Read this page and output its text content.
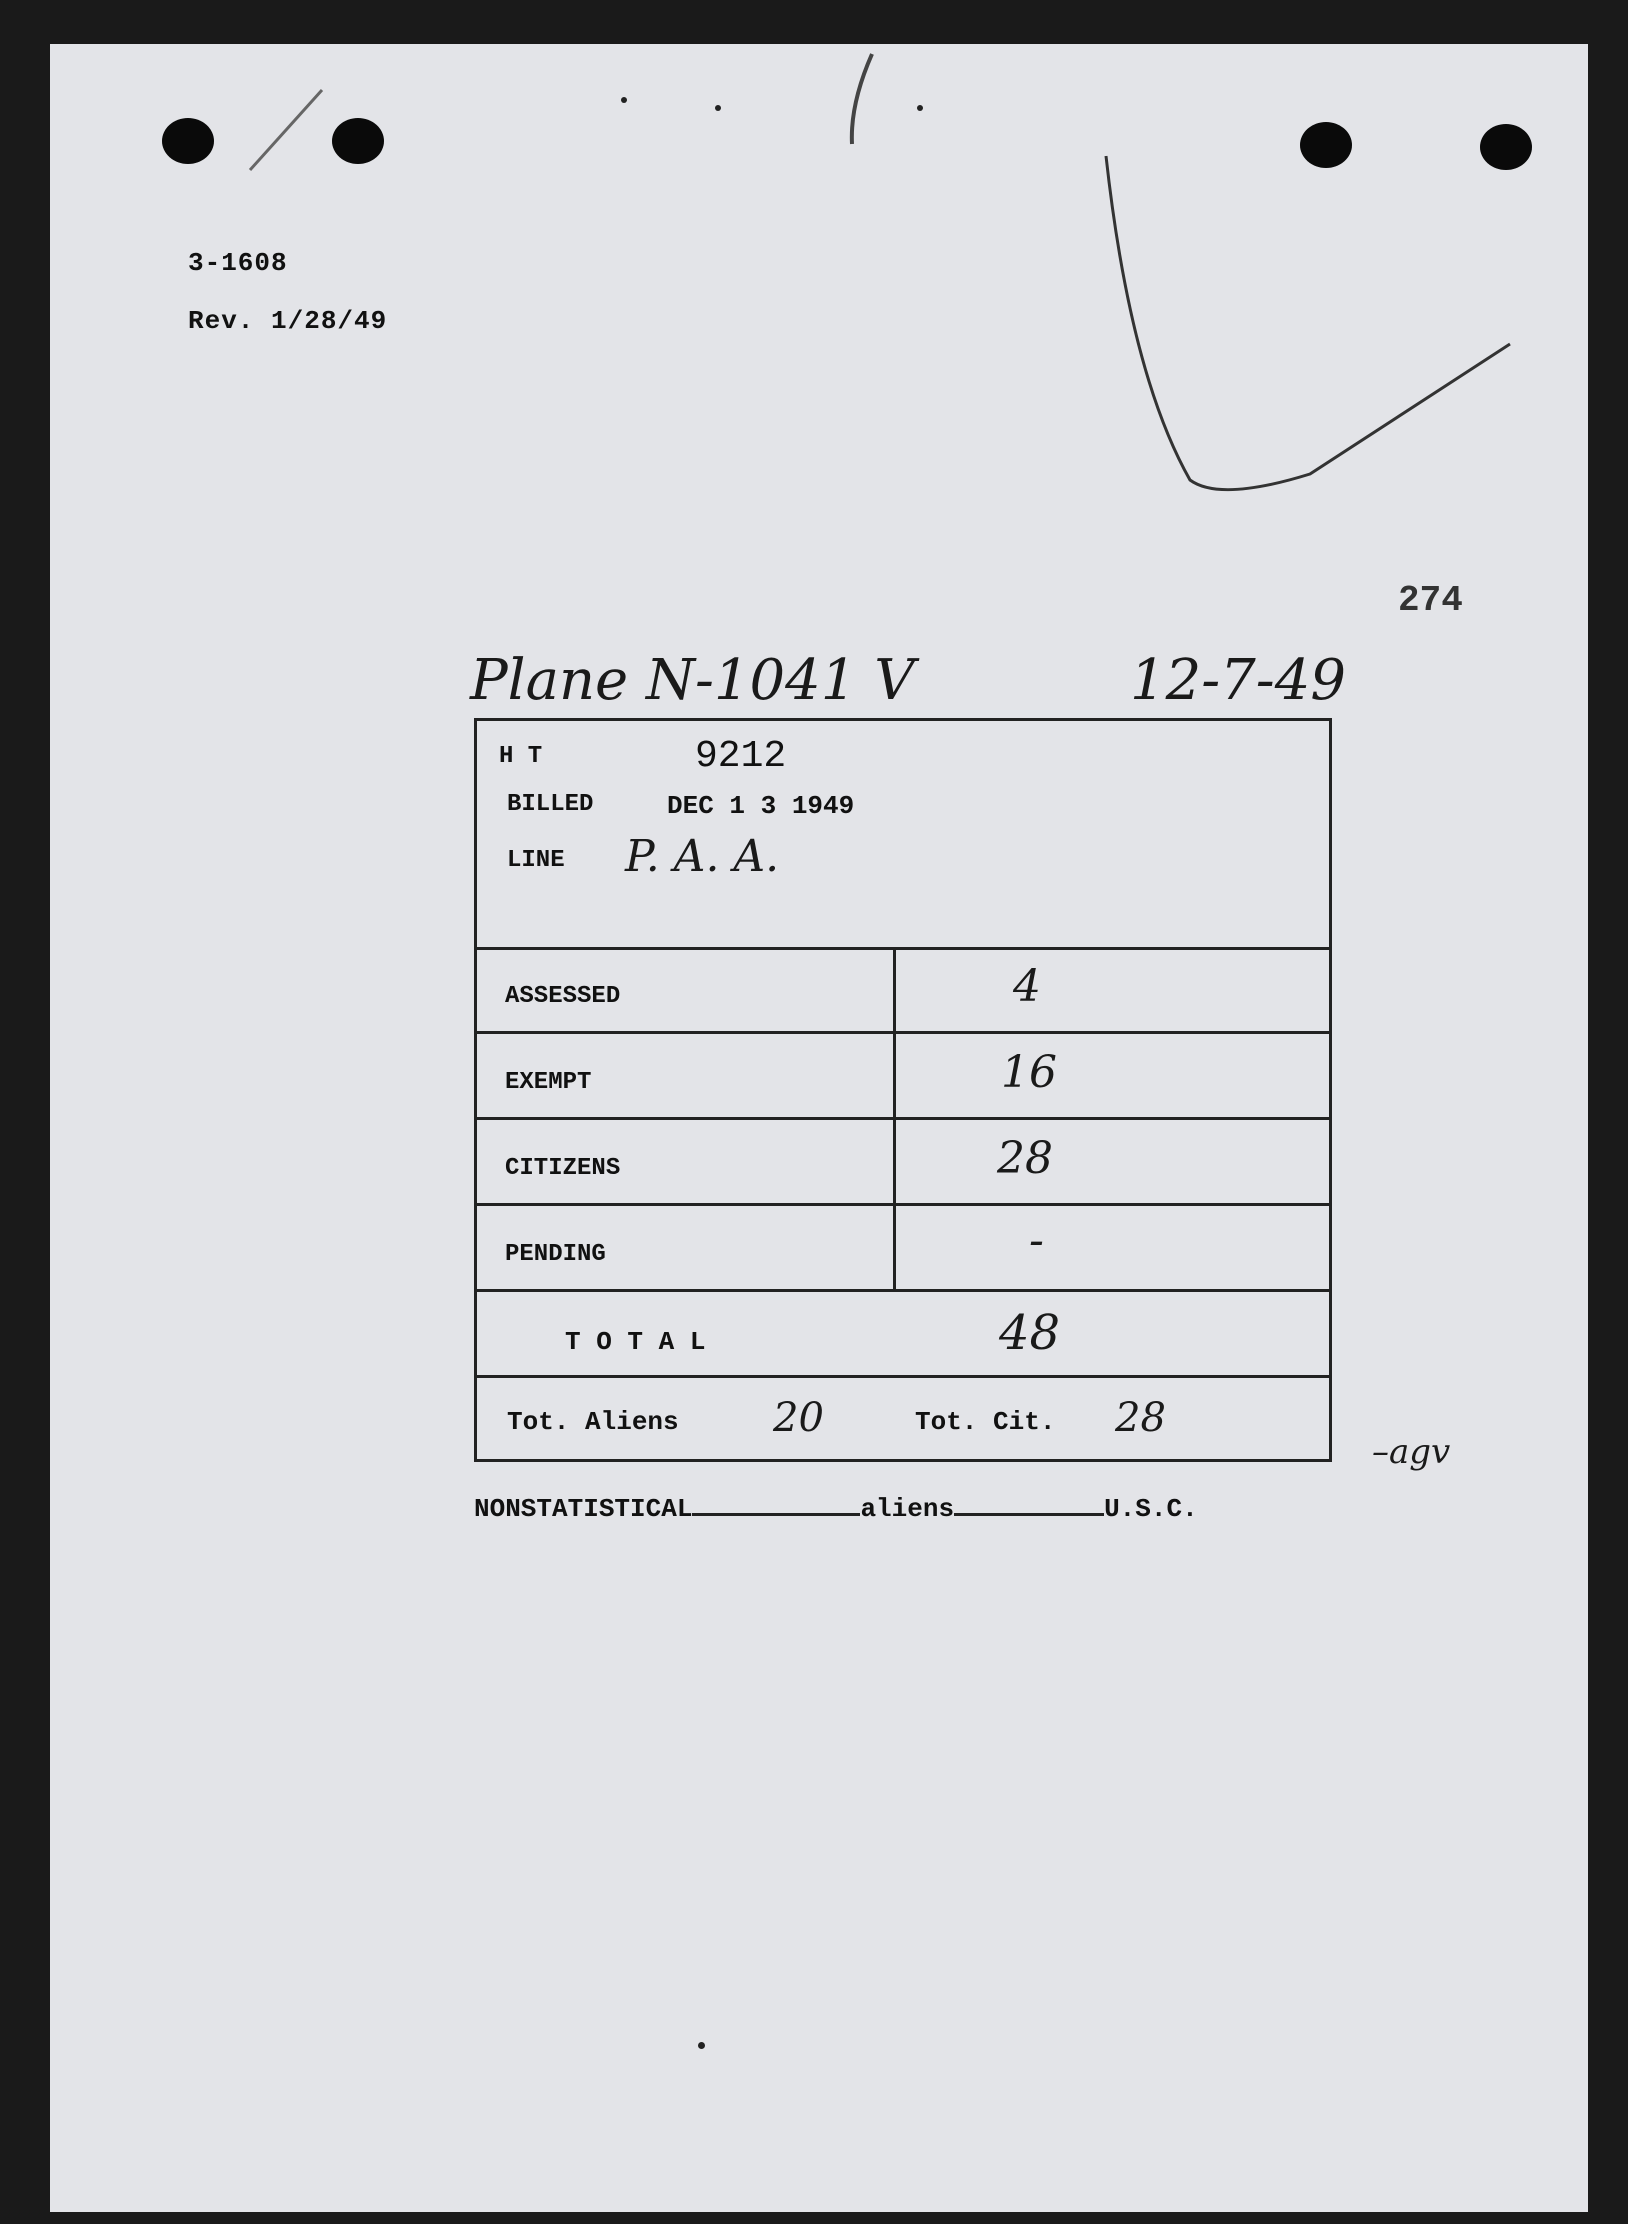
3-1608
Rev. 1/28/49
274
Plane N-1041 V	12-7-49
H T	9212
BILLED	DEC 1 3 1949
LINE P. A. A.
ASSESSED	4
EXEMPT	16
CITIZENS	28
PENDING	-
T O T A L	48
Tot. Aliens 20	Tot. Cit. 28
NONSTATISTICAL	aliens	U.S.C.
–agv
